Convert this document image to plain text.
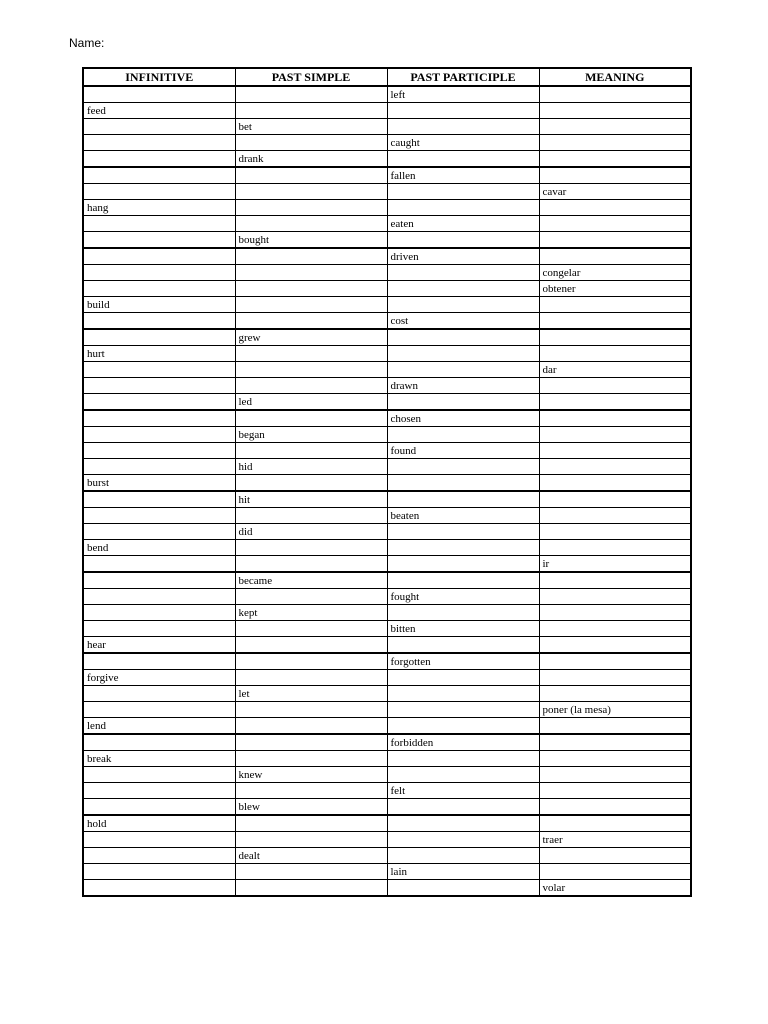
Name:
INFINITIVE	PAST SIMPLE	PAST PARTICIPLE	MEANING
		left	
feed			
	bet		
		caught	
	drank		
		fallen	
			cavar
hang			
		eaten	
	bought		
		driven	
			congelar
			obtener
build			
		cost	
	grew		
hurt			
			dar
		drawn	
	led		
		chosen	
	began		
		found	
	hid		
burst			
	hit		
		beaten	
	did		
bend			
			ir
	became		
		fought	
	kept		
		bitten	
hear			
		forgotten	
forgive			
	let		
			poner (la mesa)
lend			
		forbidden	
break			
	knew		
		felt	
	blew		
hold			
			traer
	dealt		
		lain	
			volar
